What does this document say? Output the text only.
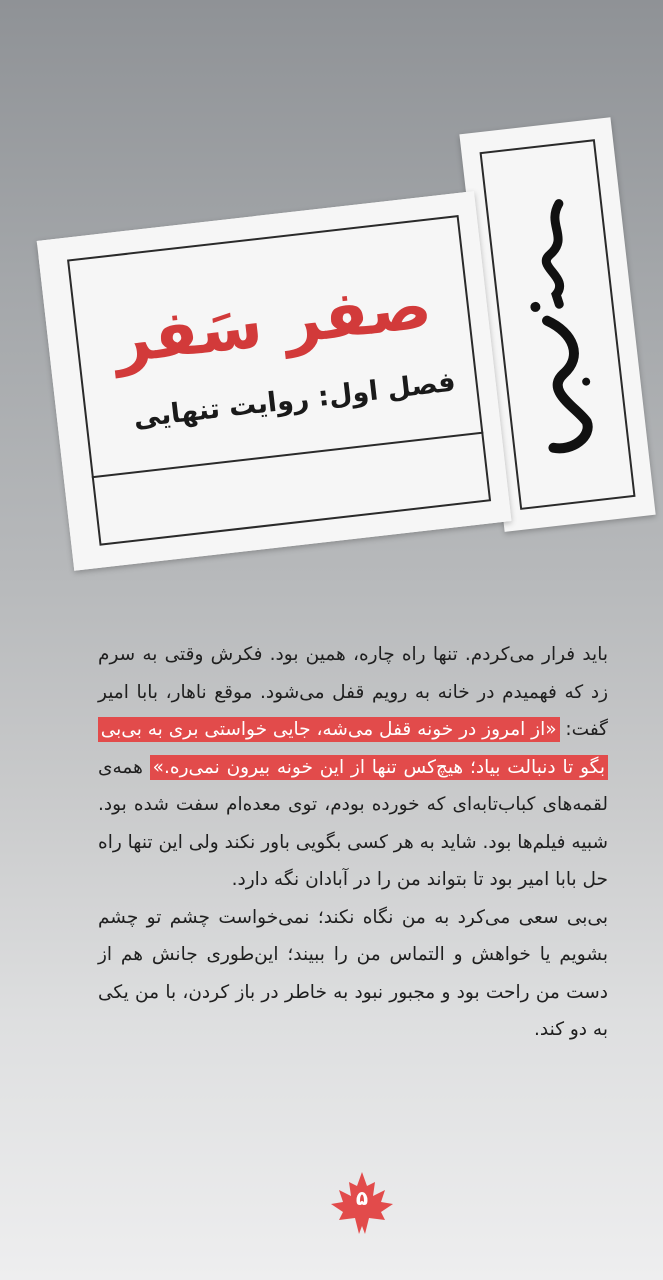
صفر سَفر
فصل اول: روایت تنهایی

باید فرار می‌کردم. تنها راه چاره، همین بود. فکرش وقتی به سرم زد که فهمیدم در خانه به رویم قفل می‌شود. موقع ناهار، بابا امیر گفت: «از امروز در خونه قفل می‌شه، جایی خواستی بری به بی‌بی بگو تا دنبالت بیاد؛ هیچ‌کس تنها از این خونه بیرون نمی‌ره.» همه‌ی لقمه‌های کباب‌تابه‌ای که خورده بودم، توی معده‌ام سفت شده بود. شبیه فیلم‌ها بود. شاید به هر کسی بگویی باور نکند ولی این تنها راه حل بابا امیر بود تا بتواند من را در آبادان نگه دارد.

بی‌بی سعی می‌کرد به من نگاه نکند؛ نمی‌خواست چشم تو چشم بشویم یا خواهش و التماس من را ببیند؛ این‌طوری جانش هم از دست من راحت بود و مجبور نبود به خاطر در باز کردن، با من یکی به دو کند.

۵
